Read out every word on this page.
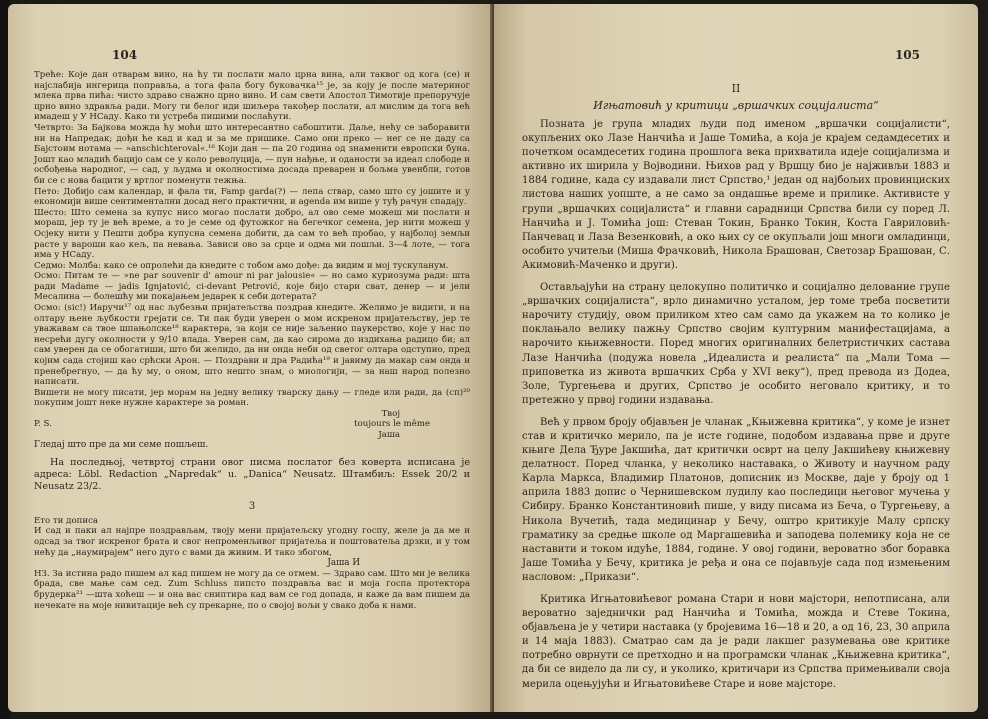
104

Треће: Које дан отварам вино, на ћу ти послати мало црна вина, али таквог од кога (се) и најслабија ингерица поправља, а тога фала богу буковачка¹⁵ је, за коју је после материног млека прва пића: чисто здраво снажно црно вино. И сам свети Апостол Тимотије препоручује црно вино здравља ради. Могу ти белог иди шиљера такођер послати, ал мислим да тога већ имадеш у У НСаду. Како ти устреба пишими послаћути.

Четврто: За Бајкова можда ћу моћи што интересантно сабоштити. Даље, нећу се заборавити ни на Напредак; дођи ће кад и кад и за ме пришике. Само они преко — нег се не даду са Бајстоим нотама — »anschichteroval«.¹⁶ Који дан — па 20 година од знаменити европски буна. Јошт кao младић бацијо сам се у коло револуција, — пун нађње, и оданости за идеал слободе и осбођења народног, — сад, у људма и околностима досада преварен и бољма увенбли, готов би се с нова бацити у вртлог поменути тежња.

Пето: Добијо сам календар, и фала ти, Famp garda(?) — лепа ствар, само што су јошите и у економији више сентиментални досад него практични, и agenda им више у туђ рачун спадају.

Шесто: Што семена за купус нисо могао послати добро, ал ово семе можеш ми послати и мораш, јер ту је већ време, а то је семе од футожког на бегечког семена, јер нити можеш у Осјеку нити у Пешти добра купусна семена добити, да сам то већ пробао, у најболој земљи расте у вароши као кељ, па невања. Зависи ово за срце и одма ми пошљи. 3—4 лоте, — тога има у НСаду.

Седмо: Молба: како се опролећи да кнедите с тобом амо дође: да видим и мој тускуланум.

Осмо: Питам те — »ne par souvenir d' amour ni par jalousie« — но само куриозума ради: шта ради Madame — jadis Ignjatović, ci-devant Petrović, које бијо стари сват, денер — и јели Месалина — болешћу ми покајањем једарек к себи дотерата?

Осмо: (sic!) Иаручи¹⁷ од нас љубезњи пријатељства поздрав кнедите. Желимо је видити, и на олтару њене љубкости грејати се. Ти пак буди уверен о мом искреном пријатељству, јер те уважавам са твое шпањолске¹⁸ карактера, за који се није заљенио паукерство, које у нас по несрећи дугу околности у 9/10 влада. Уверен сам, да као сирома до издихања радицо би; ал сам уверен да се обогатиши, што би желидо, да ни онда неби од светог олтара одступио, пред којим сада стојиш као срћски Арон. — Поздрави и дра Радића¹⁹ и јавиму да макар сам онда и пренебрегнуо, — да ћу му, о оном, што нешто знам, о миологији, — за наш народ полезно написати.

Вишети не могу писати, јер морам на једну велику тварску дању — гледе или ради, да (сп)²⁰ покупим јошт неке нужне карактере за роман.

Твој
P. S.	toujours le même
Јаша

Гледај што пре да ми семе пошљеш.

На последњој, четвртој страни овог писма послатог без коверта исписана је адреса: Löbl. Redaction „Napredak“ u. „Danica“ Neusatz. Штамбиљ: Essek 20/2 и Neusatz 23/2.

3

Ето ти дописа

И сад и паки ал најпре поздрављам, твоју мени пријатељску угодну госпу, желе ја да ме и одсад за твог искреног брата и свог непроменљивог пријатеља и поштоватеља дрзки, и у том нећу да „наумирајем“ него дуго с вами да живим. И тако збогом,

Јаша И

НЗ. За истина радо пишем ал кад пишем не могу да се отмем. — Здраво сам. Што ми је велика брада, све мање сам сед. Zum Schluss пипсто поздравља вас и моја госпа протектора брудерка²¹ —шта хоћеш — и она вас сниптира кад вам се год допада, и каже да вам пишем да нечекате на моје нивитације већ су прекарне, по о својој вољи у свако доба к нами.

105
II
Игњатовић у критици „вршачких социјалиста“

Позната је група младих људи под именом „вршачки социјалисти“, окупљених око Лазе Нанчића и Јаше Томића, а која је крајем седамдесетих и почетком осамдесетих година прошлога века прихватила идеје социјализма и активно их ширила у Војводини. Њихов рад у Вршцу био је најживљи 1883 и 1884 године, када су издавали лист Српство,¹ један од најбољих провинциских листова наших уопште, а не само за ондашње време и прилике. Активисте у групи „вршачких социјалиста“ и главни сарадници Српства били су поред Л. Нанчића и Ј. Томића још: Стеван Токин, Бранко Токин, Коста Гавриловић-Панчевац и Лаза Везенковић, а око њих су се окупљали још многи омладинци, особито учитељи (Миша Фрачковић, Никола Брашован, Светозар Брашован, С. Акимовић-Маченко и други).

Остављајући на страну целокупно политичко и социјално делование групе „вршачких социјалиста“, врло динамично усталом, јер томе треба посветити нарочиту студију, овом приликом хтео сам само да укажем на то колико је поклањало велику пажњу Српство својим културним манифестацијама, а нарочито књижевности. Поред многих оригиналних белетристичких састава Лазе Нанчића (подужа новела „Идеалиста и реалиста“ па „Мали Тома — приповетка из живота вршачких Срба у XVI веку“), пред превода из Додеа, Золе, Тургењева и других, Српство је особито неговало критику, и то претежно у првој години издавања.

Већ у првом броју објављен је чланак „Књижевна критика“, у коме је изнет став и критичко мерило, па је исте године, подобом издавања прве и друге књиге Дела Ђуре Јакшића, дат критички осврт на целу Јакшићеву књижевну делатност. Поред чланка, у неколико наставака, о Животу и научном раду Карла Маркса, Владимир Платонов, дописник из Москве, даје у броју од 1 априла 1883 допис о Чернишевском лудилу као последици његовог мучења у Сибиру. Бранко Константиновић пише, у виду писама из Беча, о Тургењеву, а Никола Вучетић, тада медицинар у Бечу, оштро критикује Малу српску граматику за средње школе од Маргашевића и заподева полемику која не се наставити и током идуће, 1884, године. У овој години, вероватно због боравка Јаше Томића у Бечу, критика је ређа и она се појављује сада под измењеним насловом: „Прикази“.

Критика Игњатовићевог романа Стари и нови мајстори, непотписана, али вероватно заједнички рад Нанчића и Томића, можда и Стеве Токина, објављена је у четири наставка (у бројевима 16—18 и 20, а од 16, 23, 30 априла и 14 маја 1883). Сматрао сам да је ради лакшег разумевања ове критике потребно оврнути се претходно и на програмски чланак „Књижевна критика“, да би се видело да ли су, и уколико, критичари из Српства примењивали своја мерила оцењујући и Игњатовићеве Старе и нове мајсторе.
